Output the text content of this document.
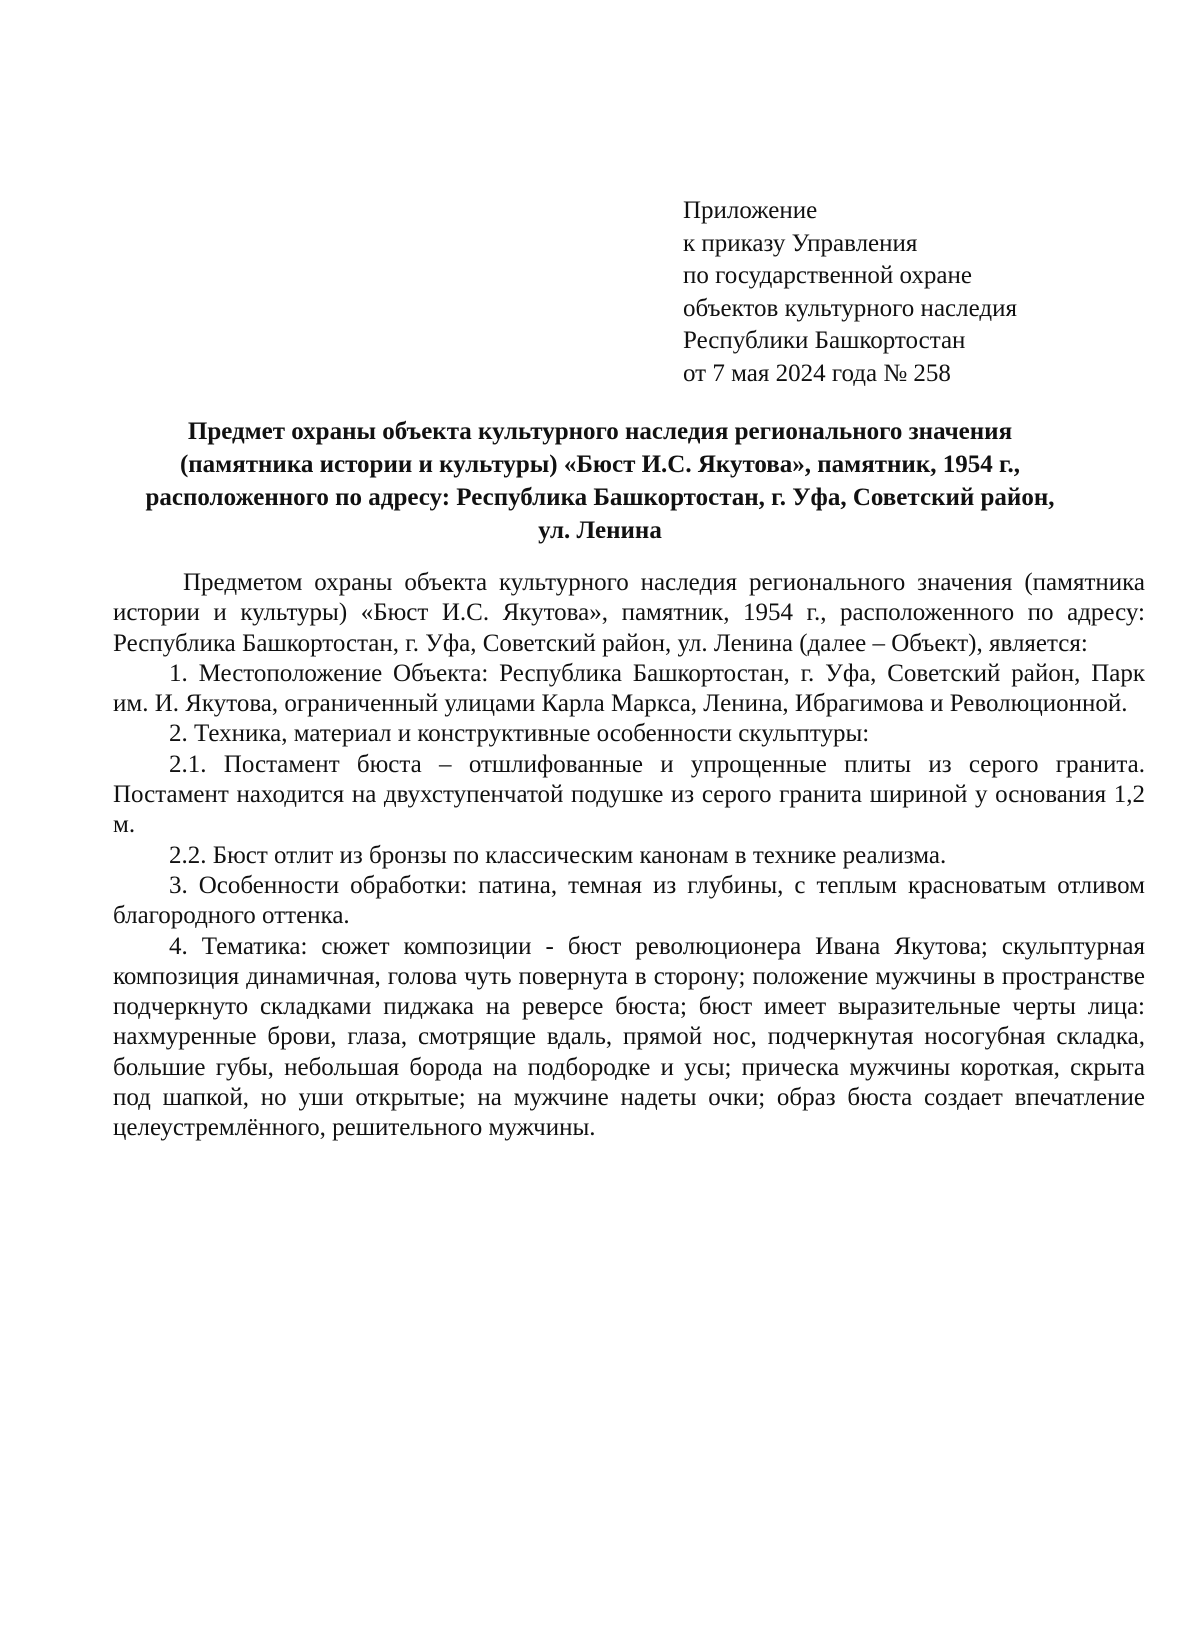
Приложение
к приказу Управления
по государственной охране
объектов культурного наследия
Республики Башкортостан
от 7 мая 2024 года № 258
Предмет охраны объекта культурного наследия регионального значения
(памятника истории и культуры) «Бюст И.С. Якутова», памятник, 1954 г.,
расположенного по адресу: Республика Башкортостан, г. Уфа, Советский район,
ул. Ленина

Предметом охраны объекта культурного наследия регионального значения (памятника истории и культуры) «Бюст И.С. Якутова», памятник, 1954 г., расположенного по адресу: Республика Башкортостан, г. Уфа, Советский район, ул. Ленина (далее – Объект), является:

1. Местоположение Объекта: Республика Башкортостан, г. Уфа, Советский район, Парк им. И. Якутова, ограниченный улицами Карла Маркса, Ленина, Ибрагимова и Революционной.

2. Техника, материал и конструктивные особенности скульптуры:

2.1. Постамент бюста – отшлифованные и упрощенные плиты из серого гранита. Постамент находится на двухступенчатой подушке из серого гранита шириной у основания 1,2 м.

2.2. Бюст отлит из бронзы по классическим канонам в технике реализма.

3. Особенности обработки: патина, темная из глубины, с теплым красноватым отливом благородного оттенка.

4. Тематика: сюжет композиции - бюст революционера Ивана Якутова; скульптурная композиция динамичная, голова чуть повернута в сторону; положение мужчины в пространстве подчеркнуто складками пиджака на реверсе бюста; бюст имеет выразительные черты лица: нахмуренные брови, глаза, смотрящие вдаль, прямой нос, подчеркнутая носогубная складка, большие губы, небольшая борода на подбородке и усы; прическа мужчины короткая, скрыта под шапкой, но уши открытые; на мужчине надеты очки; образ бюста создает впечатление целеустремлённого, решительного мужчины.
